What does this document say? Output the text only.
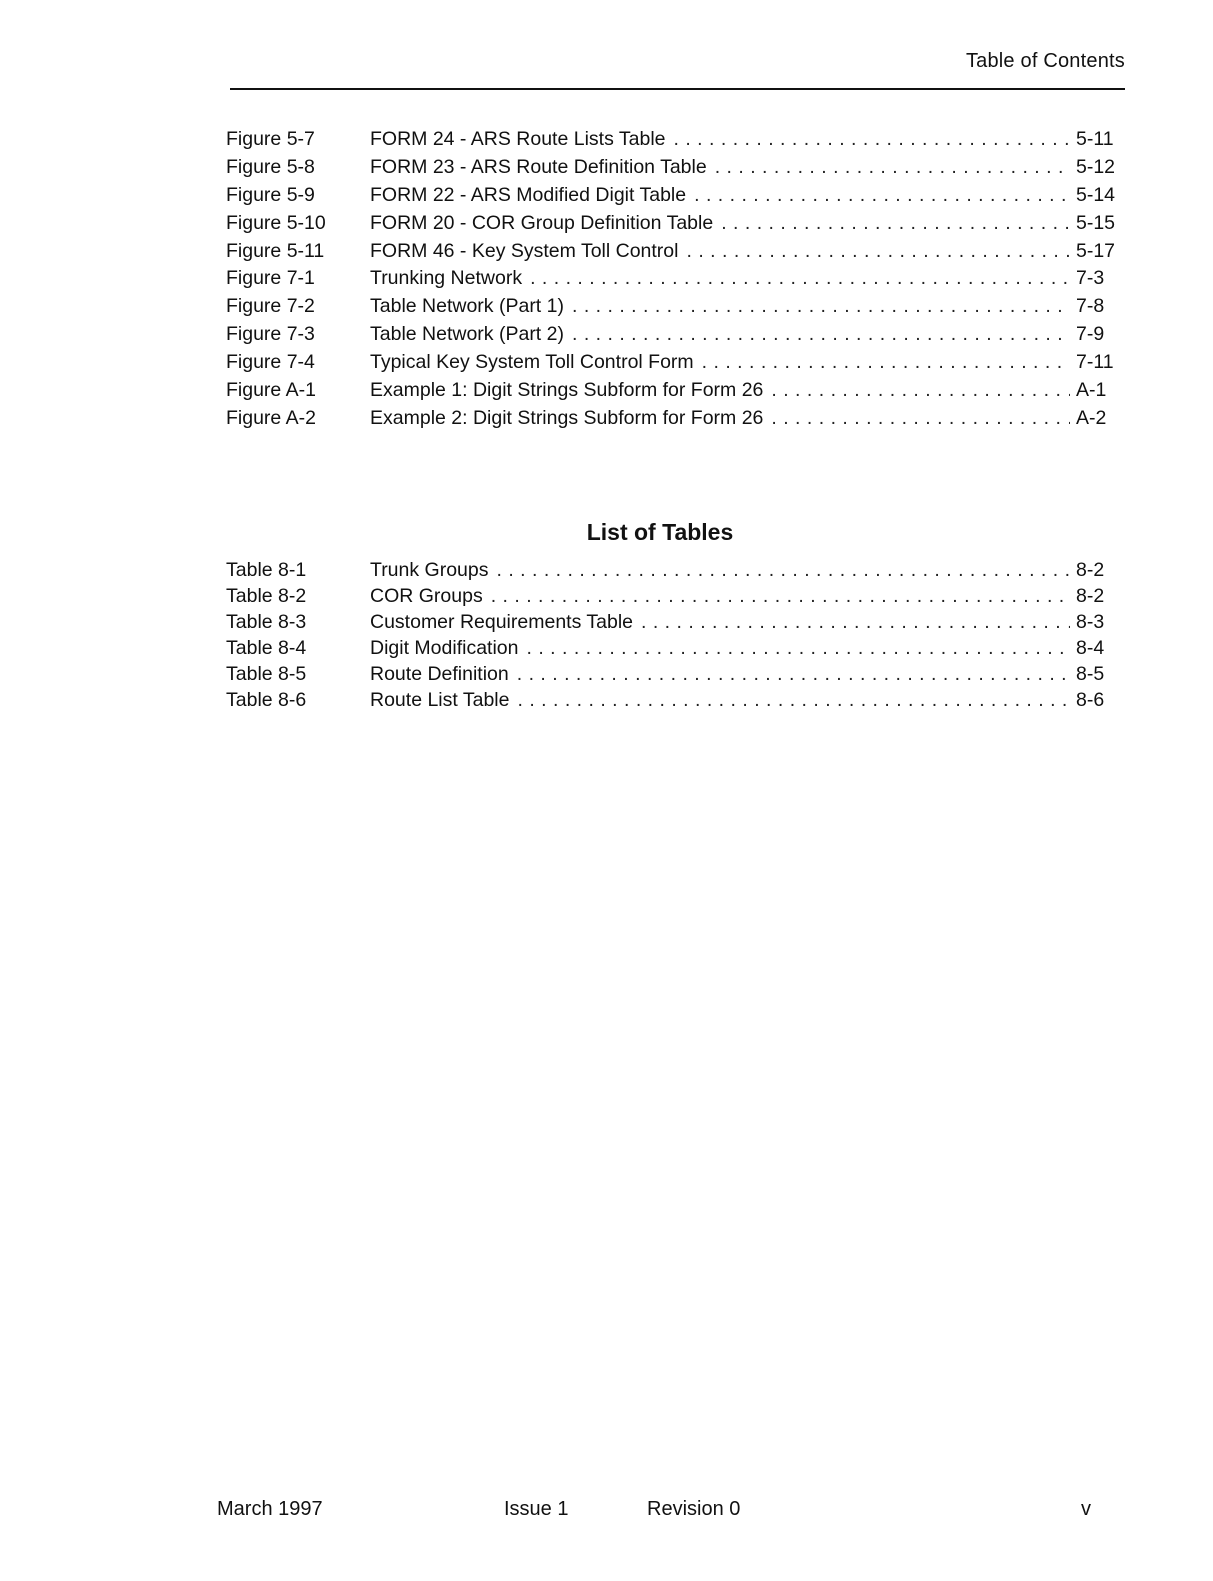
Table of Contents
Figure 5-7	FORM 24 - ARS Route Lists Table . . .	5-11
Figure 5-8	FORM 23 - ARS Route Definition Table . . .	5-12
Figure 5-9	FORM 22 - ARS Modified Digit Table . . .	5-14
Figure 5-10	FORM 20 - COR Group Definition Table . . .	5-15
Figure 5-11	FORM 46 - Key System Toll Control . . .	5-17
Figure 7-1	Trunking Network . . .	7-3
Figure 7-2	Table Network (Part 1) . . .	7-8
Figure 7-3	Table Network (Part 2) . . .	7-9
Figure 7-4	Typical Key System Toll Control Form . . .	7-11
Figure A-1	Example 1: Digit Strings Subform for Form 26 . . .	A-1
Figure A-2	Example 2: Digit Strings Subform for Form 26 . . .	A-2
List of Tables
Table 8-1	Trunk Groups . . .	8-2
Table 8-2	COR Groups . . .	8-2
Table 8-3	Customer Requirements Table . . .	8-3
Table 8-4	Digit Modification . . .	8-4
Table 8-5	Route Definition . . .	8-5
Table 8-6	Route List Table . . .	8-6
March 1997	Issue 1	Revision 0	v
